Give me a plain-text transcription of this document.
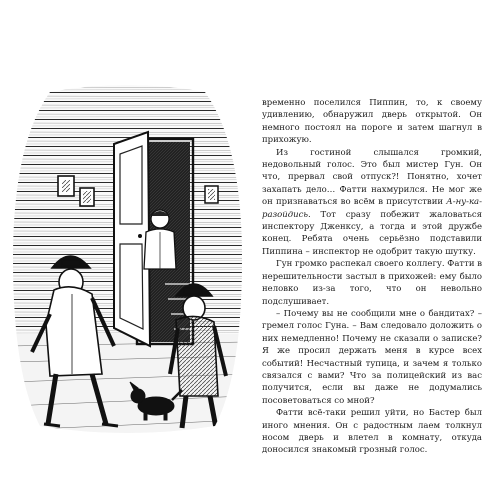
временно поселился Пиппин, то, к своему удивлению, обнаружил дверь открытой. Он немного постоял на пороге и затем шагнул в прихожую.

Из гостиной слышался громкий, недовольный голос. Это был мистер Гун. Он что, прервал свой отпуск?! Понятно, хочет захапать дело… Фатти нахмурился. Не мог же он признаваться во всём в присутствии А-ну-ка-разойдись. Тот сразу побежит жаловаться инспектору Дженксу, а тогда и этой дружбе конец. Ребята очень серьёзно подставили Пиппина – инспектор не одобрит такую шутку.

Гун громко распекал своего коллегу. Фатти в нерешительности застыл в прихожей: ему было неловко из-за того, что он невольно подслушивает.

– Почему вы не сообщили мне о бандитах? – гремел голос Гуна. – Вам следовало доложить о них немедленно! Почему не сказали о записке? Я же просил держать меня в курсе всех событий! Несчастный тупица, и зачем я только связался с вами? Что за полицейский из вас получится, если вы даже не додумались посоветоваться со мной?

Фатти всё-таки решил уйти, но Бастер был иного мнения. Он с радостным лаем толкнул носом дверь и влетел в комнату, откуда доносился знакомый грозный голос.
